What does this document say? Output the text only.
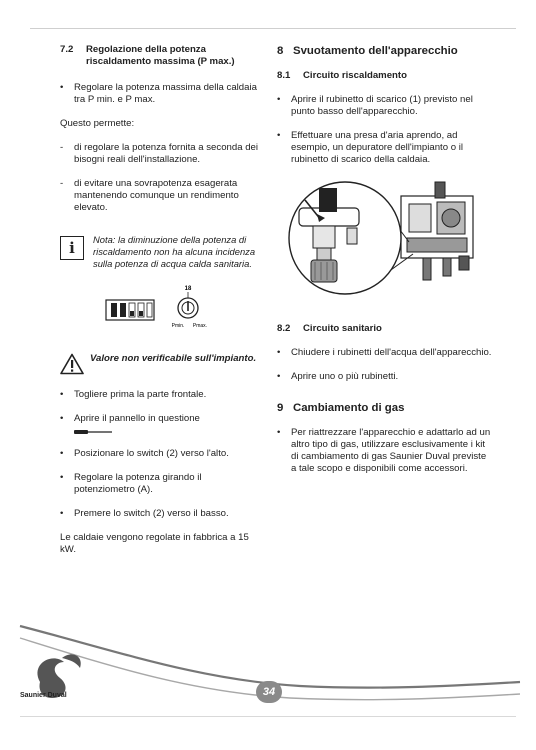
7.2	Regolazione della potenza riscaldamento massima (P max.)
•	Regolare la potenza massima della caldaia tra P min. e P max.

Questo permette:

-	di regolare la potenza fornita a seconda dei bisogni reali dell'installazione.
-	di evitare una sovrapotenza esagerata mantenendo comunque un rendimento elevato.
i	Nota: la diminuzione della potenza di riscaldamento non ha alcuna incidenza sulla potenza di acqua calda sanitaria.
18
Pmin. Pmax.
Valore non verificabile sull'impianto.
•	Togliere prima la parte frontale.
•	Aprire il pannello in questione
•	Posizionare lo switch (2) verso l'alto.
•	Regolare la potenza girando il potenziometro (A).
•	Premere lo switch (2) verso il basso.

Le caldaie vengono regolate in fabbrica a 15 kW.

8 Svuotamento dell'apparecchio
8.1	Circuito riscaldamento
•	Aprire il rubinetto di scarico (1) previsto nel punto basso dell'apparecchio.
•	Effettuare una presa d'aria aprendo, ad esempio, un depuratore dell'impianto o il rubinetto di scarico della caldaia.
8.2	Circuito sanitario
•	Chiudere i rubinetti dell'acqua dell'apparecchio.
•	Aprire uno o più rubinetti.
9 Cambiamento di gas
•	Per riattrezzare l'apparecchio e adattarlo ad un altro tipo di gas, utilizzare esclusivamente i kit di cambiamento di gas Saunier Duval previste a tale scopo e disponibili come accessori.
Saunier Duval	34
